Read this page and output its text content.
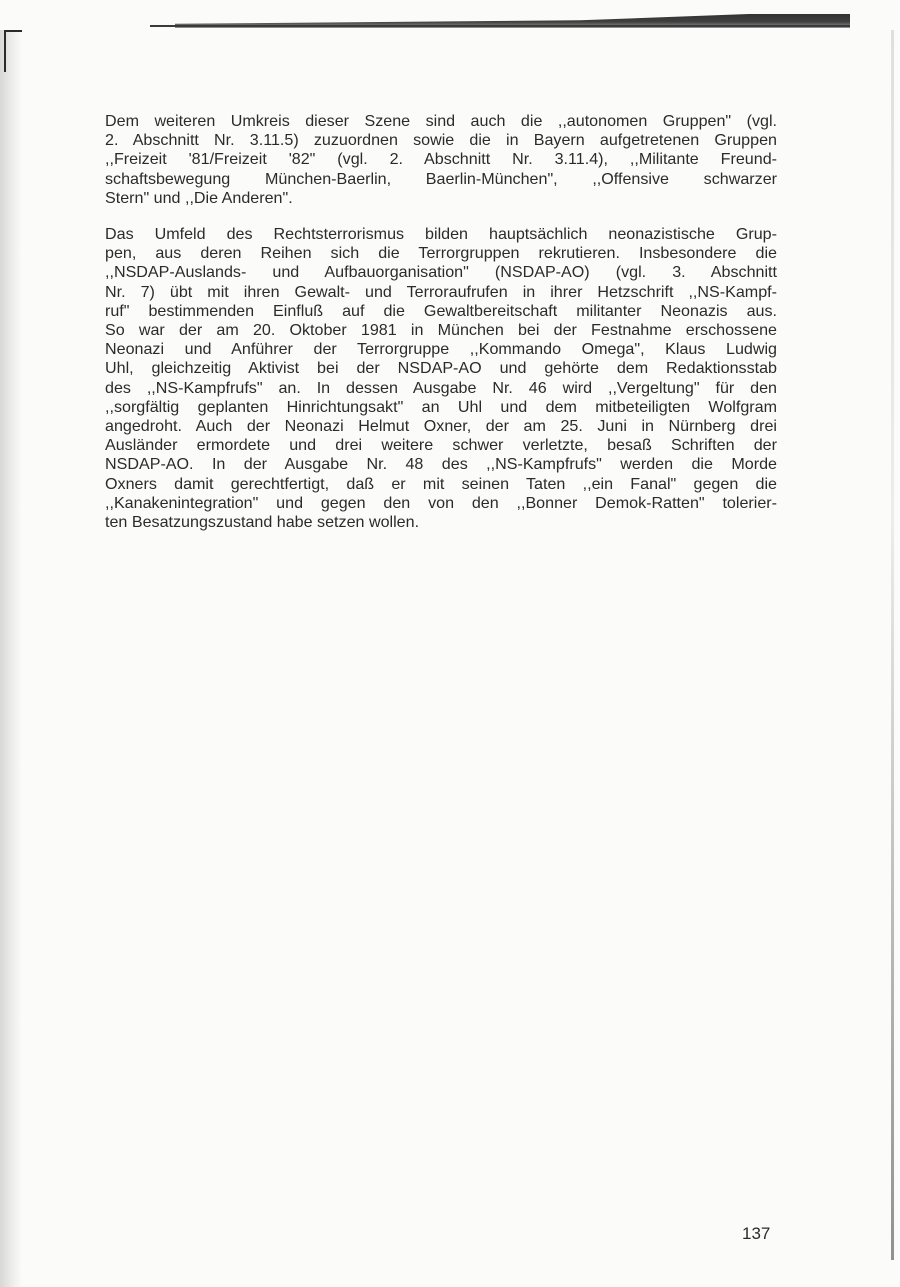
Dem weiteren Umkreis dieser Szene sind auch die ,,autonomen Gruppen" (vgl.
2. Abschnitt Nr. 3.11.5) zuzuordnen sowie die in Bayern aufgetretenen Gruppen
,,Freizeit '81/Freizeit '82" (vgl. 2. Abschnitt Nr. 3.11.4), ,,Militante Freund-
schaftsbewegung München-Baerlin, Baerlin-München", ,,Offensive schwarzer
Stern" und ,,Die Anderen".
Das Umfeld des Rechtsterrorismus bilden hauptsächlich neonazistische Grup-
pen, aus deren Reihen sich die Terrorgruppen rekrutieren. Insbesondere die
,,NSDAP-Auslands- und Aufbauorganisation" (NSDAP-AO) (vgl. 3. Abschnitt
Nr. 7) übt mit ihren Gewalt- und Terroraufrufen in ihrer Hetzschrift ,,NS-Kampf-
ruf" bestimmenden Einfluß auf die Gewaltbereitschaft militanter Neonazis aus.
So war der am 20. Oktober 1981 in München bei der Festnahme erschossene
Neonazi und Anführer der Terrorgruppe ,,Kommando Omega", Klaus Ludwig
Uhl, gleichzeitig Aktivist bei der NSDAP-AO und gehörte dem Redaktionsstab
des ,,NS-Kampfrufs" an. In dessen Ausgabe Nr. 46 wird ,,Vergeltung" für den
,,sorgfältig geplanten Hinrichtungsakt" an Uhl und dem mitbeteiligten Wolfgram
angedroht. Auch der Neonazi Helmut Oxner, der am 25. Juni in Nürnberg drei
Ausländer ermordete und drei weitere schwer verletzte, besaß Schriften der
NSDAP-AO. In der Ausgabe Nr. 48 des ,,NS-Kampfrufs" werden die Morde
Oxners damit gerechtfertigt, daß er mit seinen Taten ,,ein Fanal" gegen die
,,Kanakenintegration" und gegen den von den ,,Bonner Demok-Ratten" tolerier-
ten Besatzungszustand habe setzen wollen.
137
